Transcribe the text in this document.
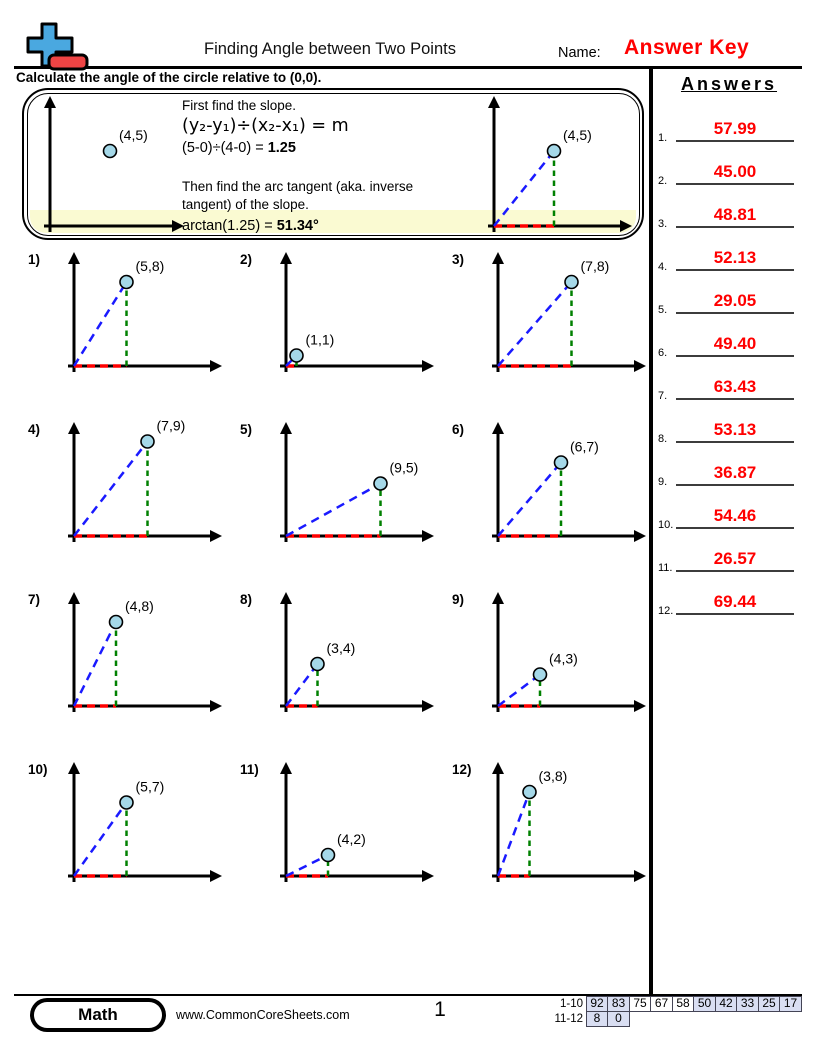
Finding Angle between Two Points	Name: Answer Key
Calculate the angle of the circle relative to (0,0).
(4,5)
First find the slope.
(y₂-y₁)÷(x₂-x₁) = m
(5-0)÷(4-0) = 1.25
Then find the arc tangent (aka. inverse tangent) of the slope.
arctan(1.25) = 51.34°
(4,5)
1)	(5,8)	2)
(1,1)
3)	(7,8)
4)	(7,9)	5)
(9,5)
6)
(6,7)
7)	(4,8)	8)
(3,4)
9)
(4,3)
10)
(5,7)
11)
(4,2)
12)	(3,8)
Answers
1.	57.99
2.	45.00
3.	48.81
4.	52.13
5.	29.05
6.	49.40
7.	63.43
8.	53.13
9.	36.87
10.	54.46
11.	26.57
12.	69.44
Math	www.CommonCoreSheets.com	1	1-10 92 83 75 67 58 50 42 33 25 17
11-12 8	0
